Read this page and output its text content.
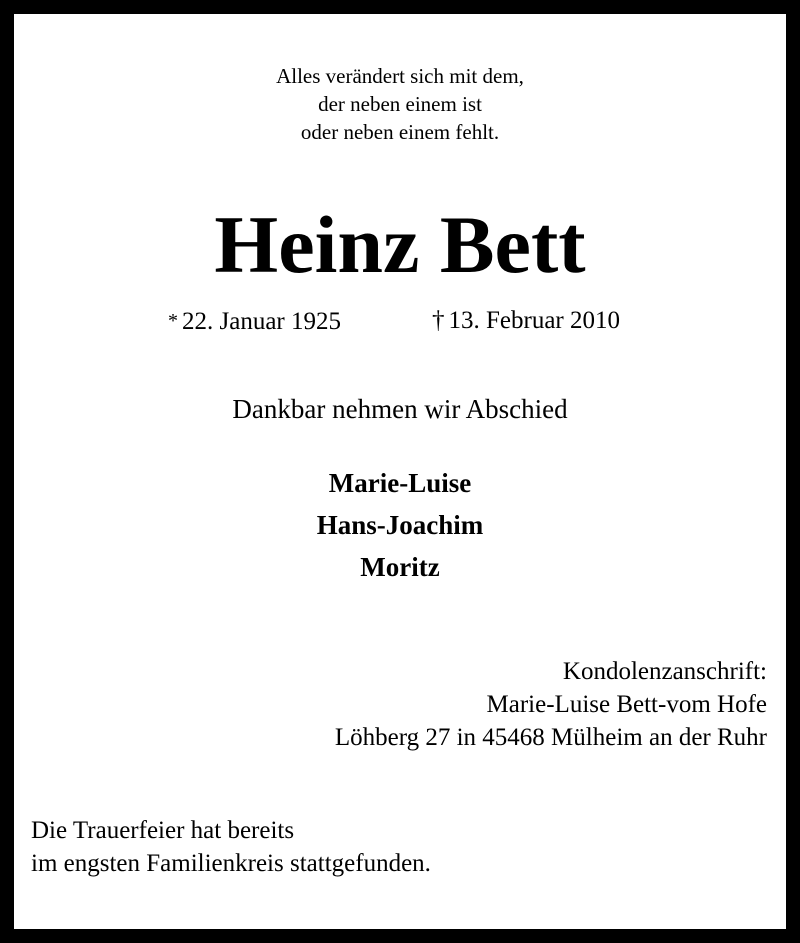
Alles verändert sich mit dem,
der neben einem ist
oder neben einem fehlt.
Heinz Bett
* 22. Januar 1925	† 13. Februar 2010
Dankbar nehmen wir Abschied
Marie-Luise
Hans-Joachim
Moritz
Kondolenzanschrift:
Marie-Luise Bett-vom Hofe
Löhberg 27 in 45468 Mülheim an der Ruhr
Die Trauerfeier hat bereits
im engsten Familienkreis stattgefunden.
